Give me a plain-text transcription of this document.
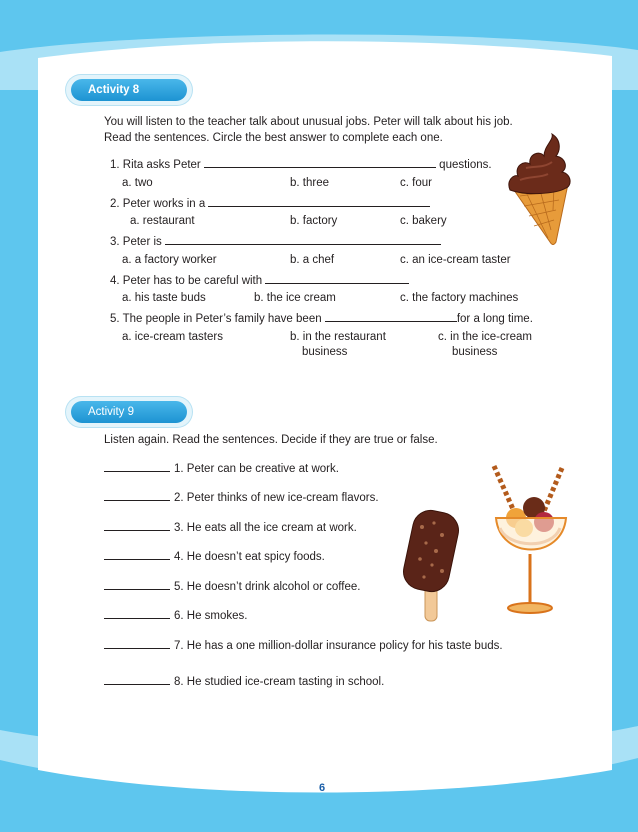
Activity 8
You will listen to the teacher talk about unusual jobs. Peter will talk about his job.
Read the sentences. Circle the best answer to complete each one.
1. Rita asks Peter	questions.
a. two	b. three	c. four
2. Peter works in a
a. restaurant	b. factory	c. bakery
3. Peter is
a. a factory worker	b. a chef	c. an ice-cream taster
4. Peter has to be careful with
a. his taste buds	b. the ice cream	c. the factory machines
5. The people in Peter’s family have been	for a long time.
a. ice-cream tasters	b. in the restaurant
business
c. in the ice-cream
business
Activity 9
Listen again. Read the sentences. Decide if they are true or false.
1. Peter can be creative at work.
2. Peter thinks of new ice-cream flavors.
3. He eats all the ice cream at work.
4. He doesn’t eat spicy foods.
5. He doesn’t drink alcohol or coffee.
6. He smokes.
7. He has a one million-dollar insurance policy for his taste buds.
8. He studied ice-cream tasting in school.
6
